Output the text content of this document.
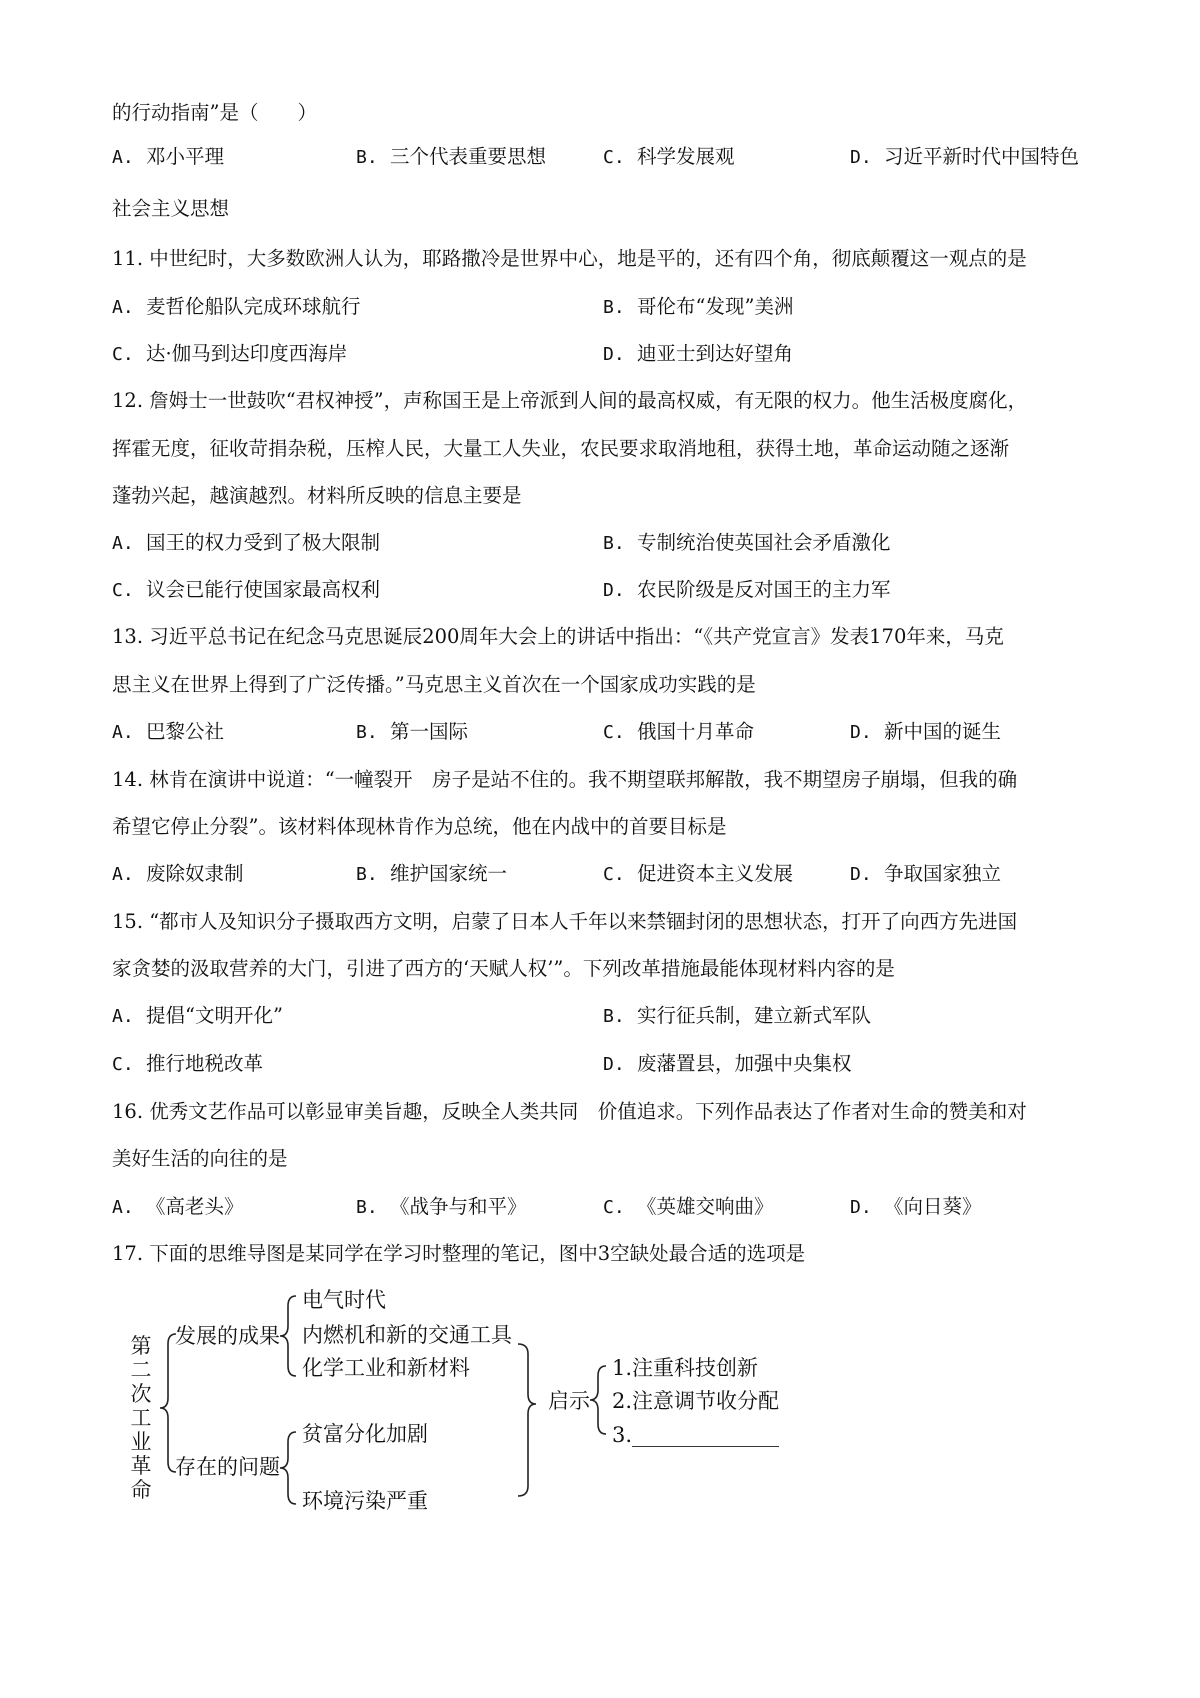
的行动指南”是（　　）
A. 邓小平理	B. 三个代表重要思想	C. 科学发展观	D. 习近平新时代中国特色
社会主义思想
11. 中世纪时，大多数欧洲人认为，耶路撒冷是世界中心，地是平的，还有四个角，彻底颠覆这一观点的是
A. 麦哲伦船队完成环球航行	B. 哥伦布“发现”美洲
C. 达·伽马到达印度西海岸	D. 迪亚士到达好望角
12. 詹姆士一世鼓吹“君权神授”，声称国王是上帝派到人间的最高权威，有无限的权力。他生活极度腐化，
挥霍无度，征收苛捐杂税，压榨人民，大量工人失业，农民要求取消地租，获得土地，革命运动随之逐渐
蓬勃兴起，越演越烈。材料所反映的信息主要是
A. 国王的权力受到了极大限制	B. 专制统治使英国社会矛盾激化
C. 议会已能行使国家最高权利	D. 农民阶级是反对国王的主力军
13. 习近平总书记在纪念马克思诞辰200周年大会上的讲话中指出：“《共产党宣言》发表170年来，马克
思主义在世界上得到了广泛传播。”马克思主义首次在一个国家成功实践的是
A. 巴黎公社	B. 第一国际	C. 俄国十月革命	D. 新中国的诞生
14. 林肯在演讲中说道：“一幢裂开　房子是站不住的。我不期望联邦解散，我不期望房子崩塌，但我的确
希望它停止分裂”。该材料体现林肯作为总统，他在内战中的首要目标是
A. 废除奴隶制	B. 维护国家统一	C. 促进资本主义发展	D. 争取国家独立
15. “都市人及知识分子摄取西方文明，启蒙了日本人千年以来禁锢封闭的思想状态，打开了向西方先进国
家贪婪的汲取营养的大门，引进了西方的‘天赋人权’”。下列改革措施最能体现材料内容的是
A. 提倡“文明开化”	B. 实行征兵制，建立新式军队
C. 推行地税改革	D. 废藩置县，加强中央集权
16. 优秀文艺作品可以彰显审美旨趣，反映全人类共同　价值追求。下列作品表达了作者对生命的赞美和对
美好生活的向往的是
A. 《高老头》	B. 《战争与和平》	C. 《英雄交响曲》	D. 《向日葵》
17. 下面的思维导图是某同学在学习时整理的笔记，图中3空缺处最合适的选项是
第二次工业革命
发展的成果
存在的问题
电气时代
内燃机和新的交通工具
化学工业和新材料
贫富分化加剧
环境污染严重
启示
1.注重科技创新
2.注意调节收分配
3.______________
